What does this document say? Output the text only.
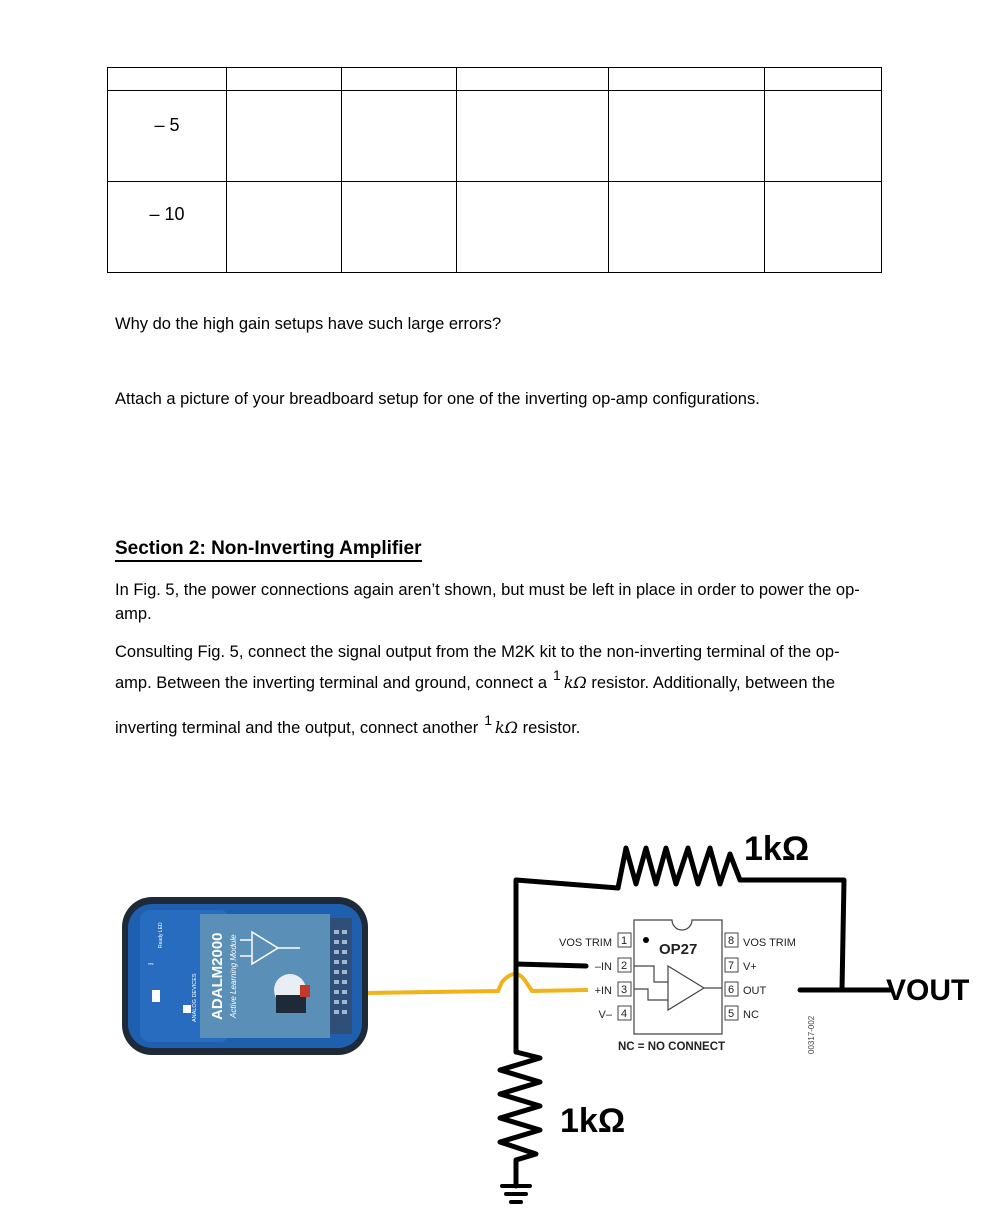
– 5					
– 10					
Why do the high gain setups have such large errors?
Attach a picture of your breadboard setup for one of the inverting op-amp configurations.
Section 2: Non-Inverting Amplifier
In Fig. 5, the power connections again aren’t shown, but must be left in place in order to power the op-amp.
Consulting Fig. 5, connect the signal output from the M2K kit to the non-inverting terminal of the op-
amp. Between the inverting terminal and ground, connect a $^1$ kΩ resistor. Additionally, between the
inverting terminal and the output, connect another $^1$ kΩ resistor.
ADALM2000 Active Learning Module
ANALOG DEVICES
Ready LED
⎓
1kΩ
1kΩ
VOUT
OP27
1
2
3
4
VOS TRIM
–IN
+IN
V–
8
7
6
5
VOS TRIM
V+
OUT
NC
NC = NO CONNECT	00317-002
